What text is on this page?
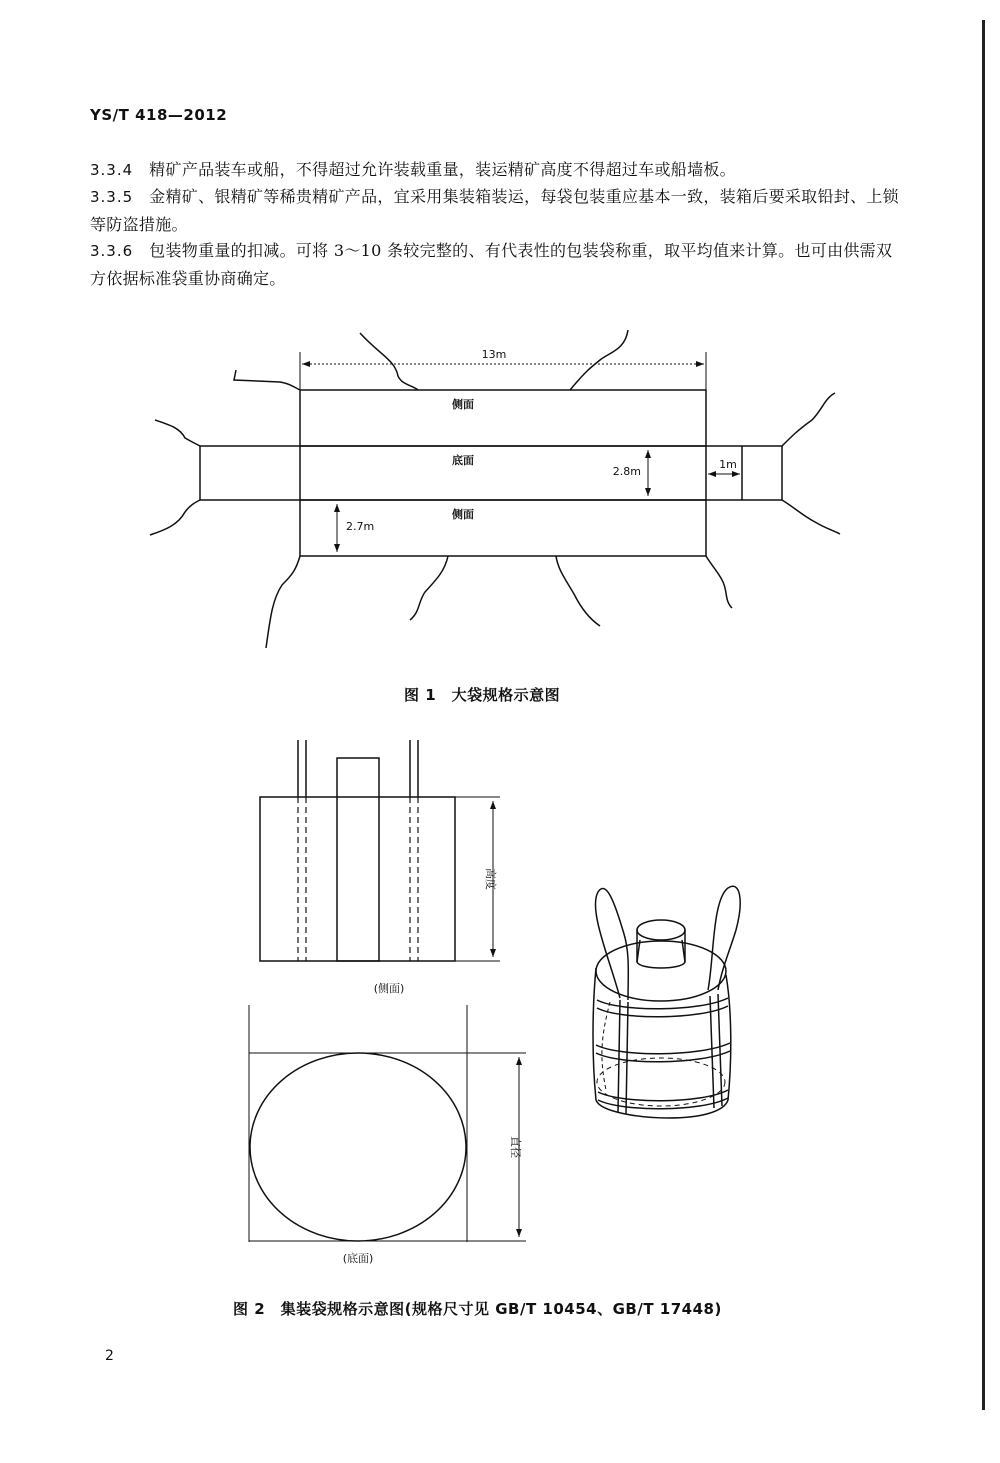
YS/T 418—2012
3.3.4 精矿产品装车或船，不得超过允许装载重量，装运精矿高度不得超过车或船墙板。
3.3.5 金精矿、银精矿等稀贵精矿产品，宜采用集装箱装运，每袋包装重应基本一致，装箱后要采取铅封、上锁等防盗措施。
3.3.6 包装物重量的扣减。可将 3～10 条较完整的、有代表性的包装袋称重，取平均值来计算。也可由供需双方依据标准袋重协商确定。
13m
侧面
底面
侧面
2.8m
1m
2.7m
图 1　大袋规格示意图
高度
(侧面)
直径
(底面)
图 2　集装袋规格示意图(规格尺寸见 GB/T 10454、GB/T 17448)
2
